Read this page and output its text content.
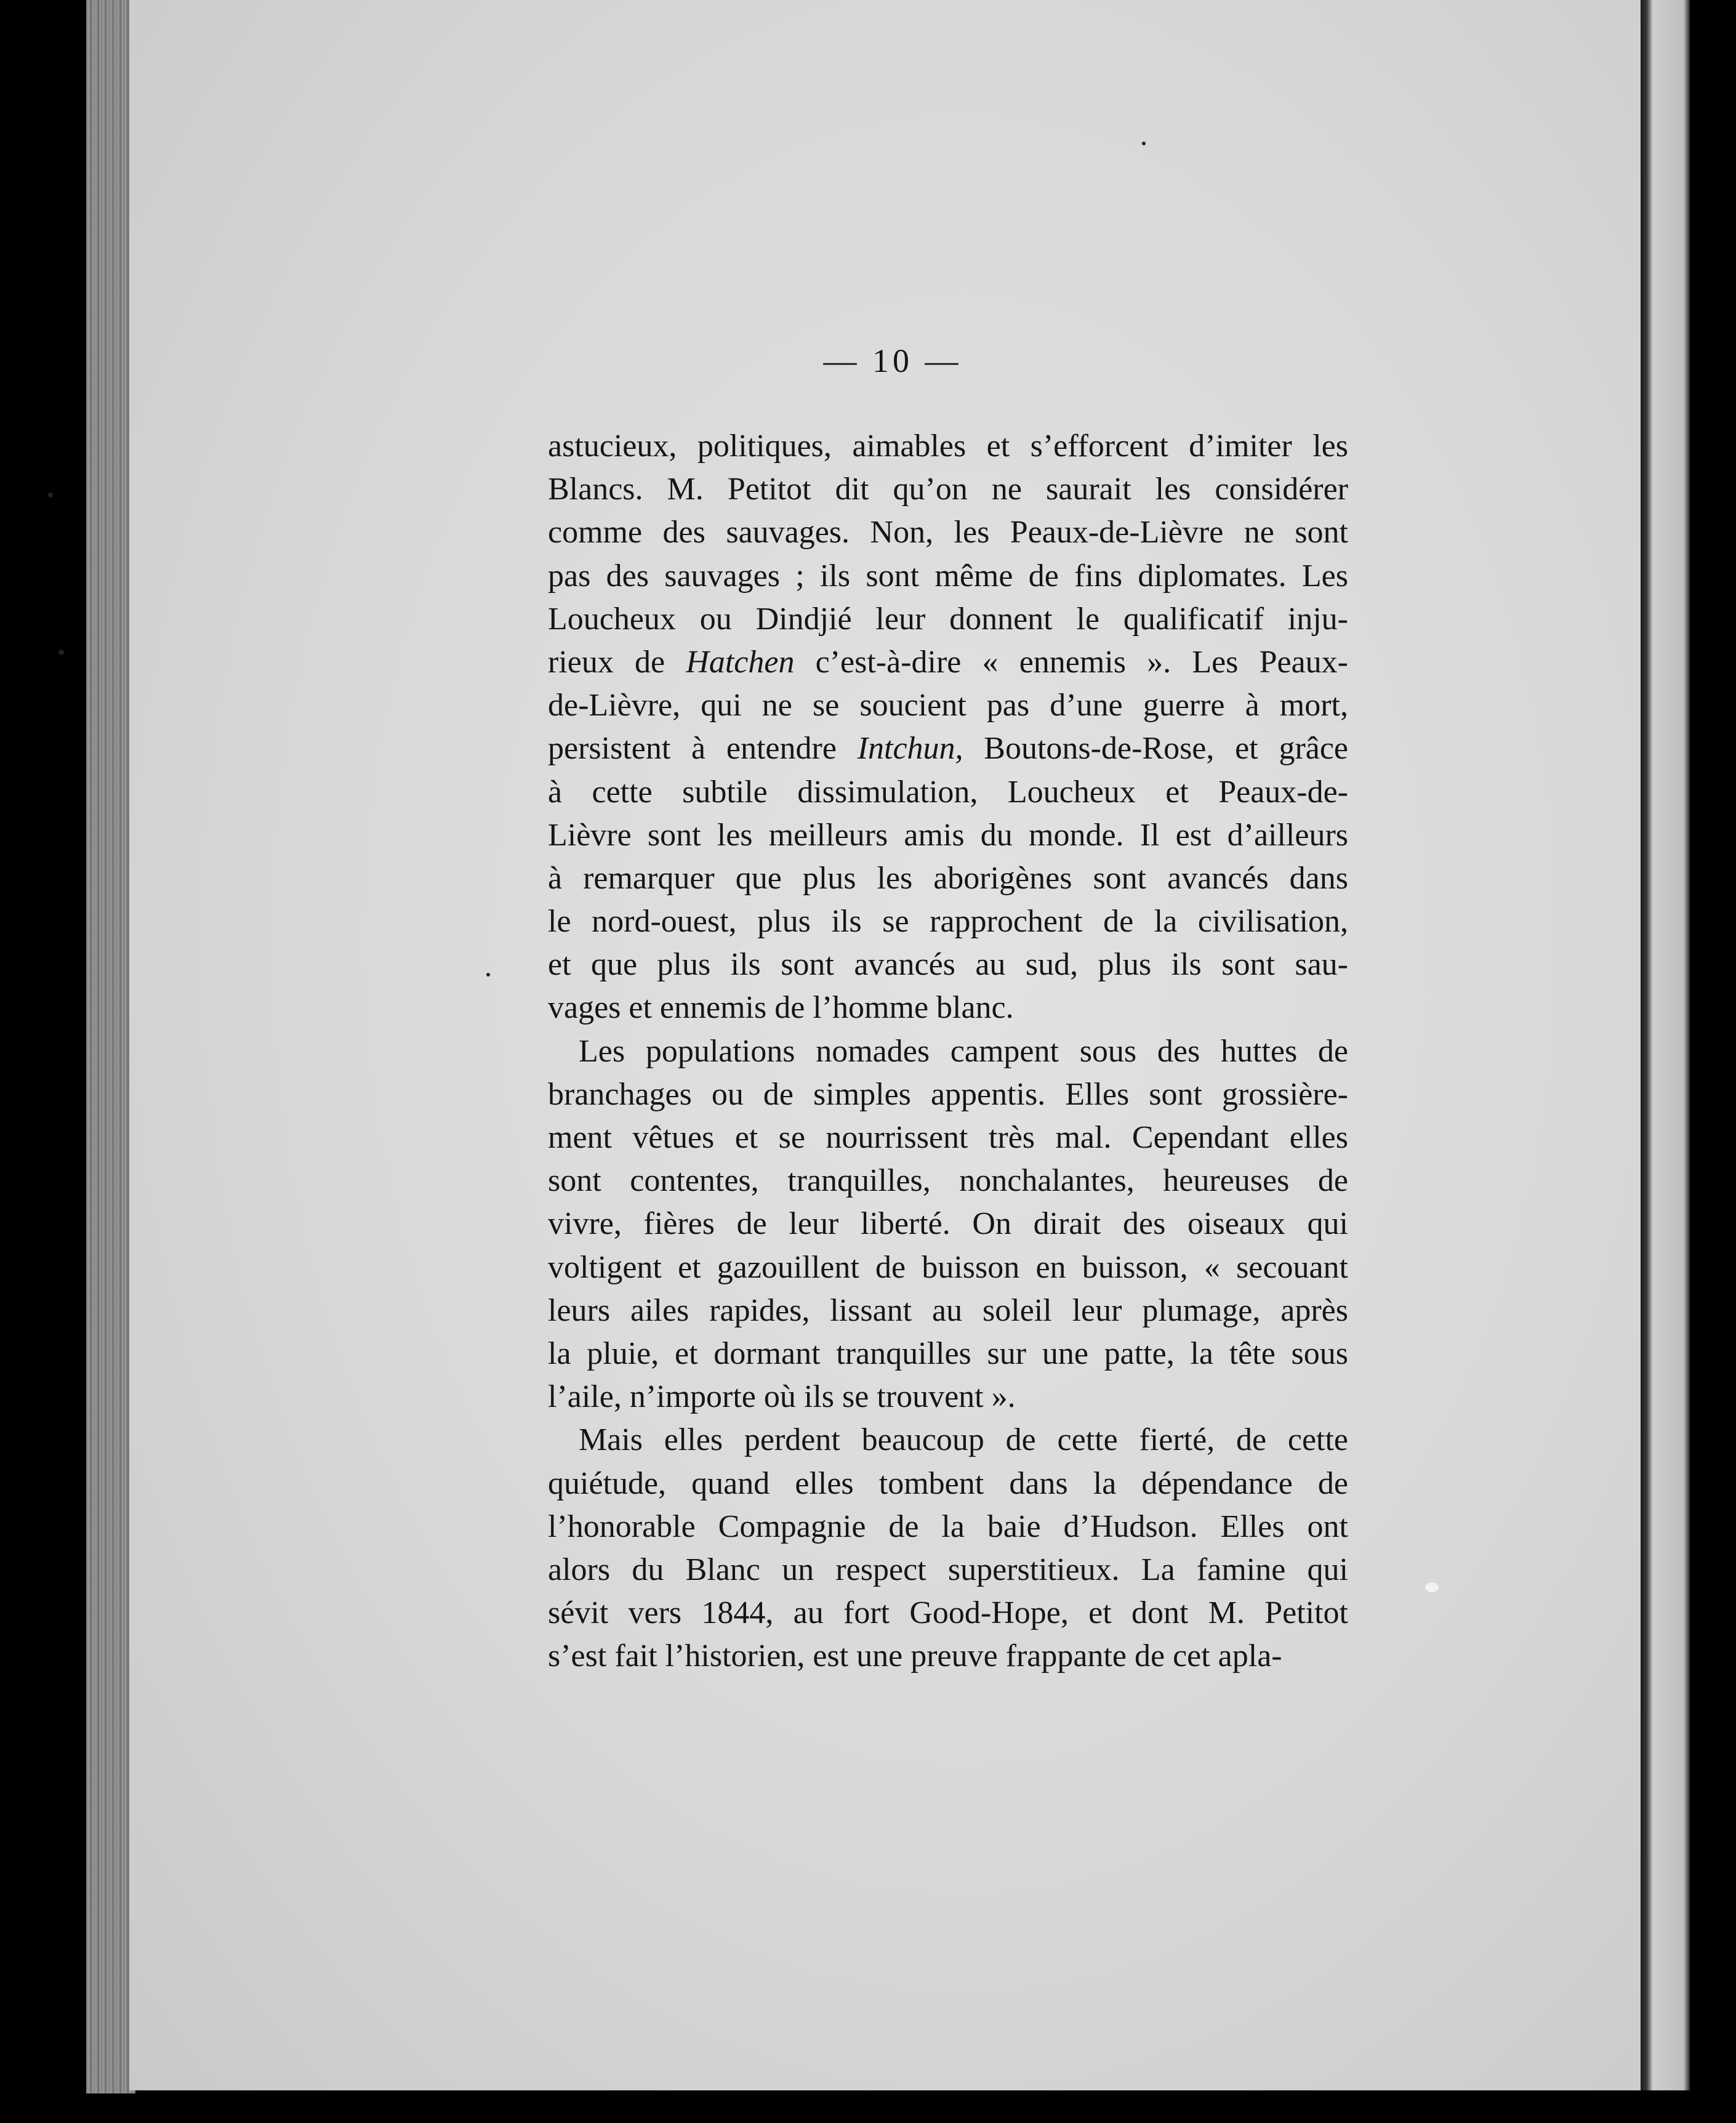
— 10 —
astucieux, politiques, aimables et s’efforcent d’imiter les
Blancs. M. Petitot dit qu’on ne saurait les considérer
comme des sauvages. Non, les Peaux-de-Lièvre ne sont
pas des sauvages ; ils sont même de fins diplomates. Les
Loucheux ou Dindjié leur donnent le qualificatif inju-
rieux de Hatchen c’est-à-dire « ennemis ». Les Peaux-
de-Lièvre, qui ne se soucient pas d’une guerre à mort,
persistent à entendre Intchun, Boutons-de-Rose, et grâce
à cette subtile dissimulation, Loucheux et Peaux-de-
Lièvre sont les meilleurs amis du monde. Il est d’ailleurs
à remarquer que plus les aborigènes sont avancés dans
le nord-ouest, plus ils se rapprochent de la civilisation,
et que plus ils sont avancés au sud, plus ils sont sau-
vages et ennemis de l’homme blanc.
Les populations nomades campent sous des huttes de
branchages ou de simples appentis. Elles sont grossière-
ment vêtues et se nourrissent très mal. Cependant elles
sont contentes, tranquilles, nonchalantes, heureuses de
vivre, fières de leur liberté. On dirait des oiseaux qui
voltigent et gazouillent de buisson en buisson, « secouant
leurs ailes rapides, lissant au soleil leur plumage, après
la pluie, et dormant tranquilles sur une patte, la tête sous
l’aile, n’importe où ils se trouvent ».
Mais elles perdent beaucoup de cette fierté, de cette
quiétude, quand elles tombent dans la dépendance de
l’honorable Compagnie de la baie d’Hudson. Elles ont
alors du Blanc un respect superstitieux. La famine qui
sévit vers 1844, au fort Good-Hope, et dont M. Petitot
s’est fait l’historien, est une preuve frappante de cet apla-
